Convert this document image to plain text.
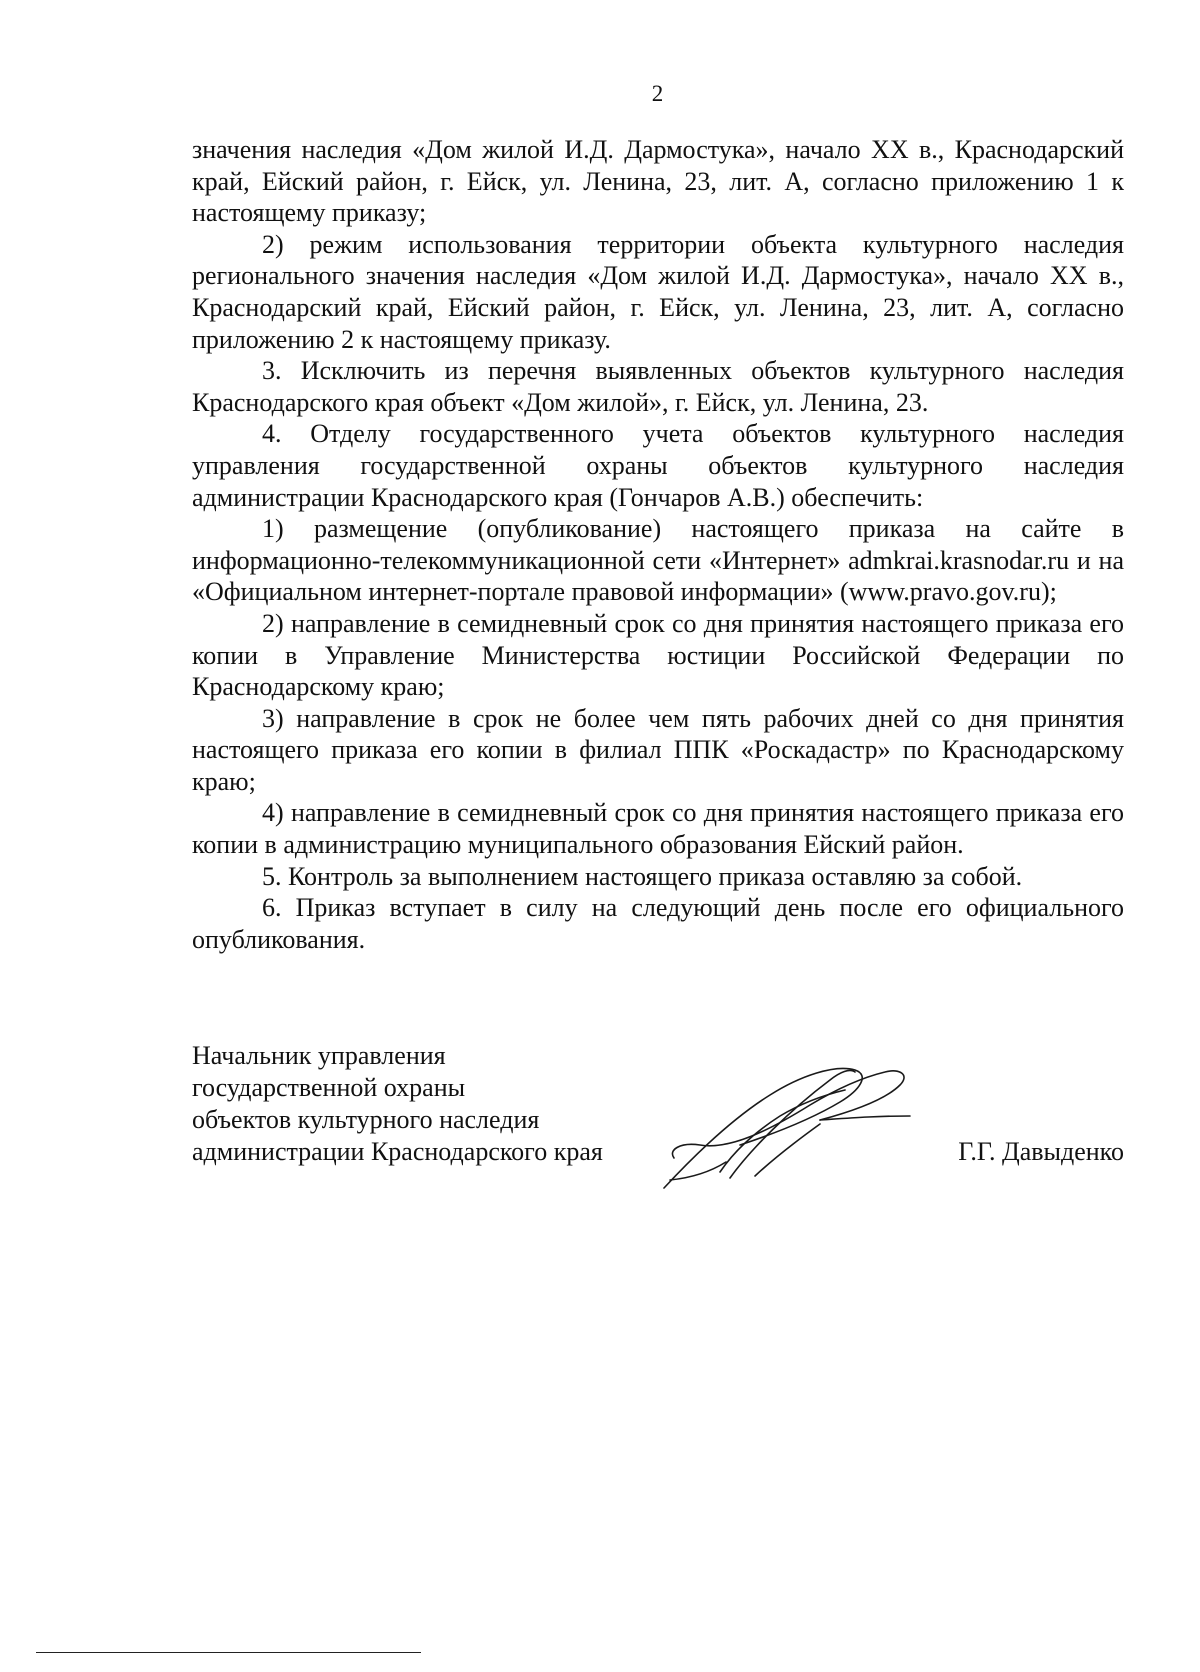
2

значения наследия «Дом жилой И.Д. Дармостука», начало XX в., Краснодарский край, Ейский район, г. Ейск, ул. Ленина, 23, лит. А, согласно приложению 1 к настоящему приказу;

2) режим использования территории объекта культурного наследия регионального значения наследия «Дом жилой И.Д. Дармостука», начало XX в., Краснодарский край, Ейский район, г. Ейск, ул. Ленина, 23, лит. А, согласно приложению 2 к настоящему приказу.

3. Исключить из перечня выявленных объектов культурного наследия Краснодарского края объект «Дом жилой», г. Ейск, ул. Ленина, 23.

4. Отделу государственного учета объектов культурного наследия управления государственной охраны объектов культурного наследия администрации Краснодарского края (Гончаров А.В.) обеспечить:

1) размещение (опубликование) настоящего приказа на сайте в информационно-телекоммуникационной сети «Интернет» admkrai.krasnodar.ru и на «Официальном интернет-портале правовой информации» (www.pravo.gov.ru);

2) направление в семидневный срок со дня принятия настоящего приказа его копии в Управление Министерства юстиции Российской Федерации по Краснодарскому краю;

3) направление в срок не более чем пять рабочих дней со дня принятия настоящего приказа его копии в филиал ППК «Роскадастр» по Краснодарскому краю;

4) направление в семидневный срок со дня принятия настоящего приказа его копии в администрацию муниципального образования Ейский район.

5. Контроль за выполнением настоящего приказа оставляю за собой.

6. Приказ вступает в силу на следующий день после его официального опубликования.

Начальник управления
государственной охраны
объектов культурного наследия
администрации Краснодарского края	Г.Г. Давыденко
